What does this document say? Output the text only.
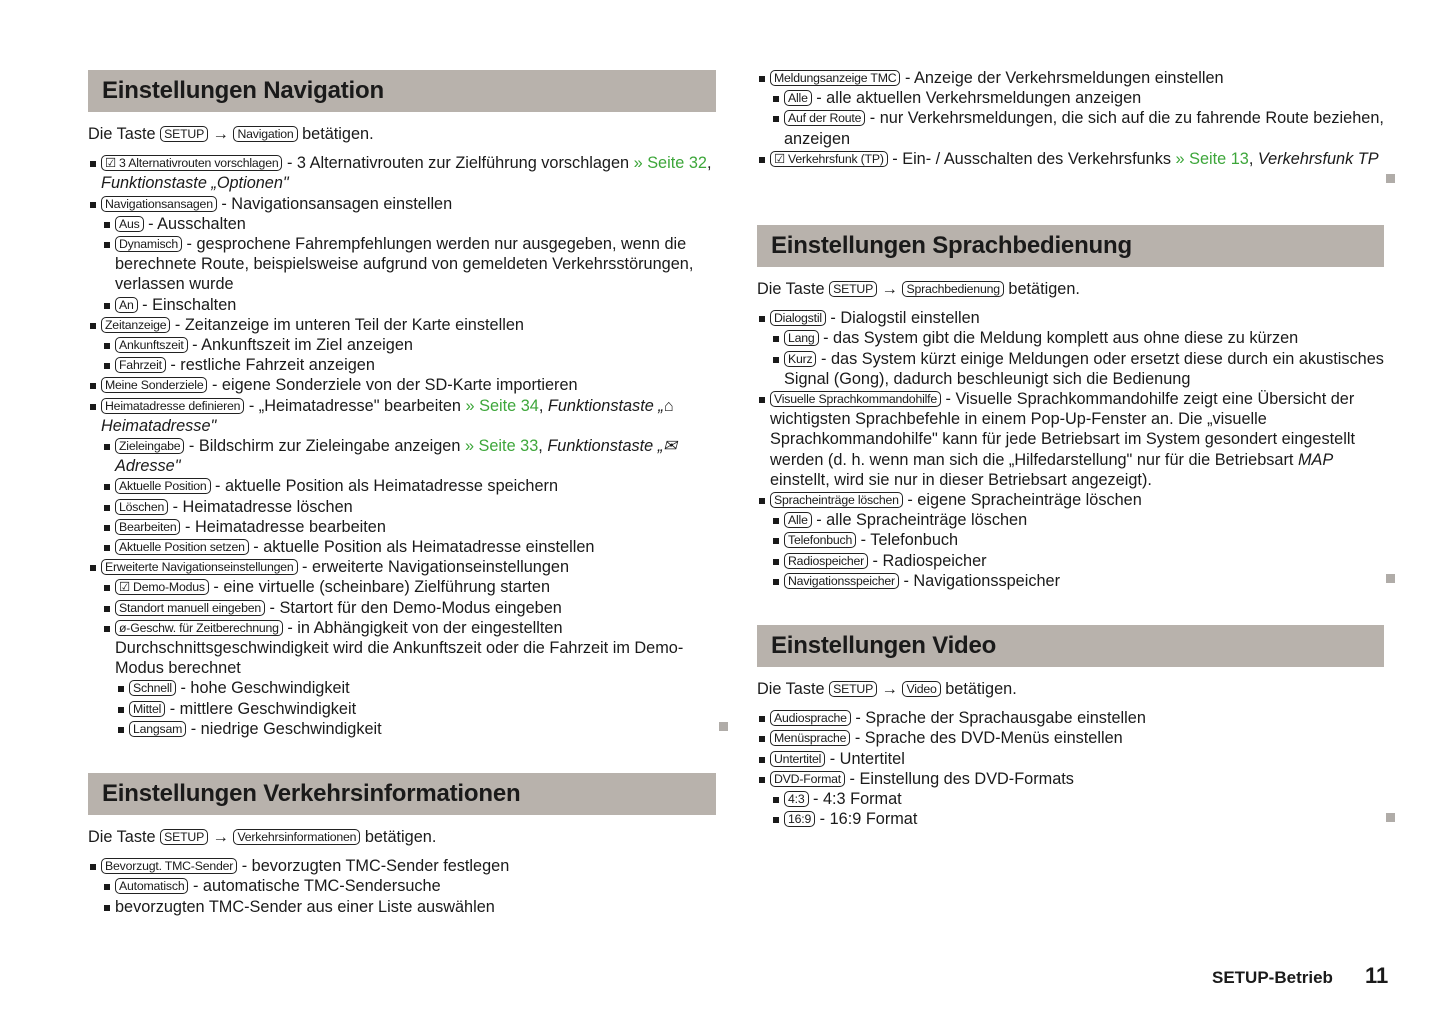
Einstellungen Navigation
Die Taste SETUP → Navigation betätigen.
☑ 3 Alternativrouten vorschlagen - 3 Alternativrouten zur Zielführung vorschlagen » Seite 32, Funktionstaste „Optionen"
Navigationsansagen - Navigationsansagen einstellen
Aus - Ausschalten
Dynamisch - gesprochene Fahrempfehlungen werden nur ausgegeben, wenn die berechnete Route, beispielsweise aufgrund von gemeldeten Verkehrsstörungen, verlassen wurde
An - Einschalten
Zeitanzeige - Zeitanzeige im unteren Teil der Karte einstellen
Ankunftszeit - Ankunftszeit im Ziel anzeigen
Fahrzeit - restliche Fahrzeit anzeigen
Meine Sonderziele - eigene Sonderziele von der SD-Karte importieren
Heimatadresse definieren - „Heimatadresse" bearbeiten » Seite 34, Funktionstaste „⌂ Heimatadresse"
Zieleingabe - Bildschirm zur Zieleingabe anzeigen » Seite 33, Funktionstaste „✉ Adresse"
Aktuelle Position - aktuelle Position als Heimatadresse speichern
Löschen - Heimatadresse löschen
Bearbeiten - Heimatadresse bearbeiten
Aktuelle Position setzen - aktuelle Position als Heimatadresse einstellen
Erweiterte Navigationseinstellungen - erweiterte Navigationseinstellungen
☑ Demo-Modus - eine virtuelle (scheinbare) Zielführung starten
Standort manuell eingeben - Startort für den Demo-Modus eingeben
ø-Geschw. für Zeitberechnung - in Abhängigkeit von der eingestellten Durchschnittsgeschwindigkeit wird die Ankunftszeit oder die Fahrzeit im Demo-Modus berechnet
Schnell - hohe Geschwindigkeit
Mittel - mittlere Geschwindigkeit
Langsam - niedrige Geschwindigkeit
Einstellungen Verkehrsinformationen
Die Taste SETUP → Verkehrsinformationen betätigen.
Bevorzugt. TMC-Sender - bevorzugten TMC-Sender festlegen
Automatisch - automatische TMC-Sendersuche
bevorzugten TMC-Sender aus einer Liste auswählen
Meldungsanzeige TMC - Anzeige der Verkehrsmeldungen einstellen
Alle - alle aktuellen Verkehrsmeldungen anzeigen
Auf der Route - nur Verkehrsmeldungen, die sich auf die zu fahrende Route beziehen, anzeigen
☑ Verkehrsfunk (TP) - Ein- / Ausschalten des Verkehrsfunks » Seite 13, Verkehrsfunk TP
Einstellungen Sprachbedienung
Die Taste SETUP → Sprachbedienung betätigen.
Dialogstil - Dialogstil einstellen
Lang - das System gibt die Meldung komplett aus ohne diese zu kürzen
Kurz - das System kürzt einige Meldungen oder ersetzt diese durch ein akustisches Signal (Gong), dadurch beschleunigt sich die Bedienung
Visuelle Sprachkommandohilfe - Visuelle Sprachkommandohilfe zeigt eine Übersicht der wichtigsten Sprachbefehle in einem Pop-Up-Fenster an. Die „visuelle Sprachkommandohilfe" kann für jede Betriebsart im System gesondert eingestellt werden (d. h. wenn man sich die „Hilfedarstellung" nur für die Betriebsart MAP einstellt, wird sie nur in dieser Betriebsart angezeigt).
Spracheinträge löschen - eigene Spracheinträge löschen
Alle - alle Spracheinträge löschen
Telefonbuch - Telefonbuch
Radiospeicher - Radiospeicher
Navigationsspeicher - Navigationsspeicher
Einstellungen Video
Die Taste SETUP → Video betätigen.
Audiosprache - Sprache der Sprachausgabe einstellen
Menüsprache - Sprache des DVD-Menüs einstellen
Untertitel - Untertitel
DVD-Format - Einstellung des DVD-Formats
4:3 - 4:3 Format
16:9 - 16:9 Format
SETUP-Betrieb 11
